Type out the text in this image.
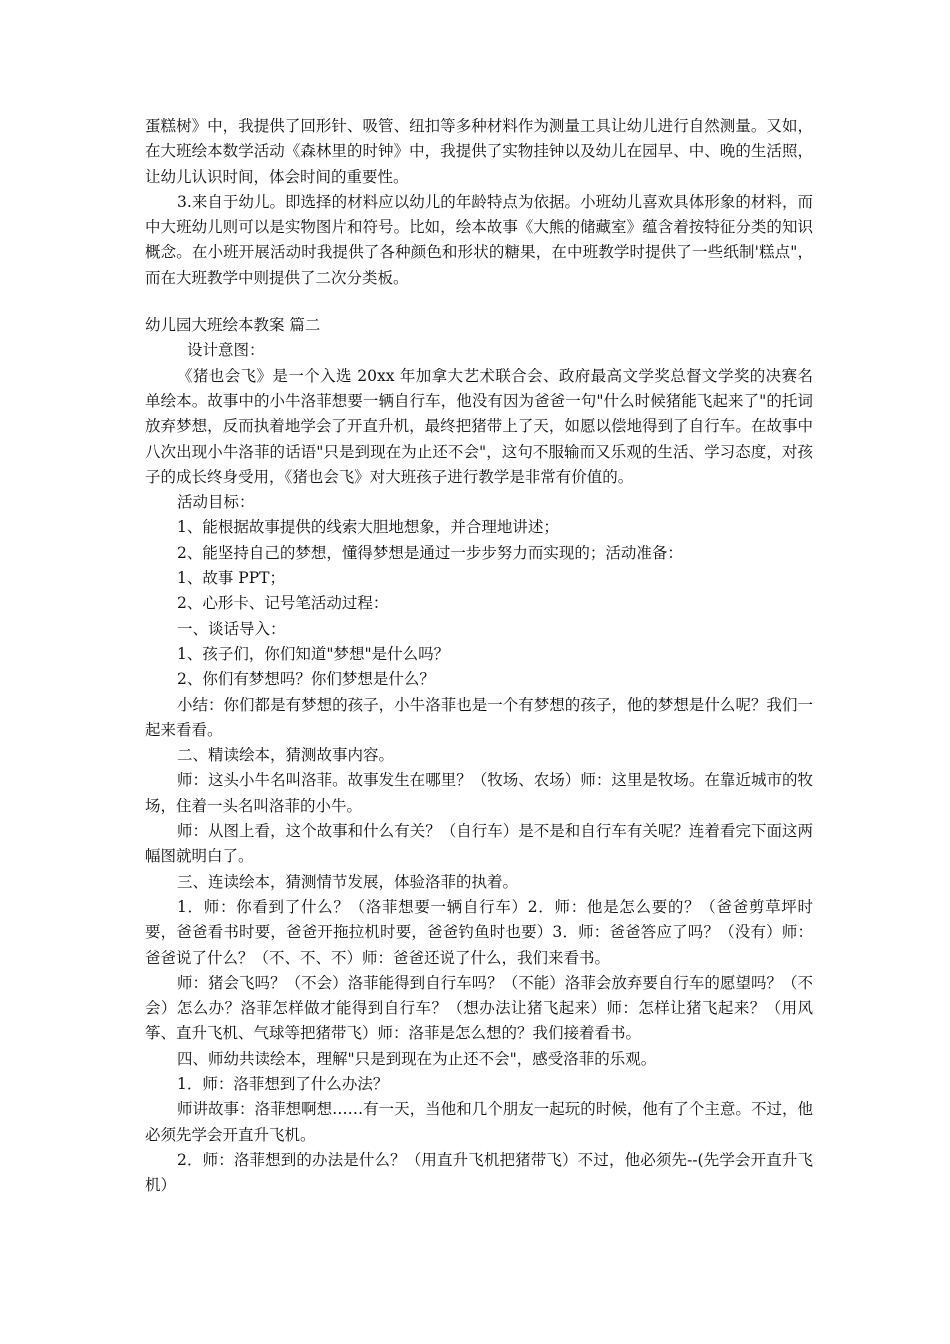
蛋糕树》中，我提供了回形针、吸管、纽扣等多种材料作为测量工具让幼儿进行自然测量。又如，在大班绘本数学活动《森林里的时钟》中，我提供了实物挂钟以及幼儿在园早、中、晚的生活照，让幼儿认识时间，体会时间的重要性。

3.来自于幼儿。即选择的材料应以幼儿的年龄特点为依据。小班幼儿喜欢具体形象的材料，而中大班幼儿则可以是实物图片和符号。比如，绘本故事《大熊的储藏室》蕴含着按特征分类的知识概念。在小班开展活动时我提供了各种颜色和形状的糖果，在中班教学时提供了一些纸制'糕点"，而在大班教学中则提供了二次分类板。

幼儿园大班绘本教案 篇二

设计意图：

《猪也会飞》是一个入选 20xx 年加拿大艺术联合会、政府最高文学奖总督文学奖的决赛名单绘本。故事中的小牛洛菲想要一辆自行车，他没有因为爸爸一句"什么时候猪能飞起来了"的托词放弃梦想，反而执着地学会了开直升机，最终把猪带上了天，如愿以偿地得到了自行车。在故事中八次出现小牛洛菲的话语"只是到现在为止还不会"，这句不服输而又乐观的生活、学习态度，对孩子的成长终身受用，《猪也会飞》对大班孩子进行教学是非常有价值的。

活动目标：

1、能根据故事提供的线索大胆地想象，并合理地讲述；

2、能坚持自己的梦想，懂得梦想是通过一步步努力而实现的；活动准备：

1、故事 PPT；

2、心形卡、记号笔活动过程：

一、谈话导入：

1、孩子们，你们知道"梦想"是什么吗？

2、你们有梦想吗？你们梦想是什么？

小结：你们都是有梦想的孩子，小牛洛菲也是一个有梦想的孩子，他的梦想是什么呢？我们一起来看看。

二、精读绘本，猜测故事内容。

师：这头小牛名叫洛菲。故事发生在哪里？（牧场、农场）师：这里是牧场。在靠近城市的牧场，住着一头名叫洛菲的小牛。

师：从图上看，这个故事和什么有关？（自行车）是不是和自行车有关呢？连着看完下面这两幅图就明白了。

三、连读绘本，猜测情节发展，体验洛菲的执着。

1．师：你看到了什么？（洛菲想要一辆自行车）2．师：他是怎么要的？（爸爸剪草坪时要，爸爸看书时要，爸爸开拖拉机时要，爸爸钓鱼时也要）3．师：爸爸答应了吗？（没有）师：爸爸说了什么？（不、不、不）师：爸爸还说了什么，我们来看书。

师：猪会飞吗？（不会）洛菲能得到自行车吗？（不能）洛菲会放弃要自行车的愿望吗？（不会）怎么办？洛菲怎样做才能得到自行车？（想办法让猪飞起来）师：怎样让猪飞起来？（用风筝、直升飞机、气球等把猪带飞）师：洛菲是怎么想的？我们接着看书。

四、师幼共读绘本，理解"只是到现在为止还不会"，感受洛菲的乐观。

1．师：洛菲想到了什么办法？

师讲故事：洛菲想啊想……有一天，当他和几个朋友一起玩的时候，他有了个主意。不过，他必须先学会开直升飞机。

2．师：洛菲想到的办法是什么？（用直升飞机把猪带飞）不过，他必须先--(先学会开直升飞机）
